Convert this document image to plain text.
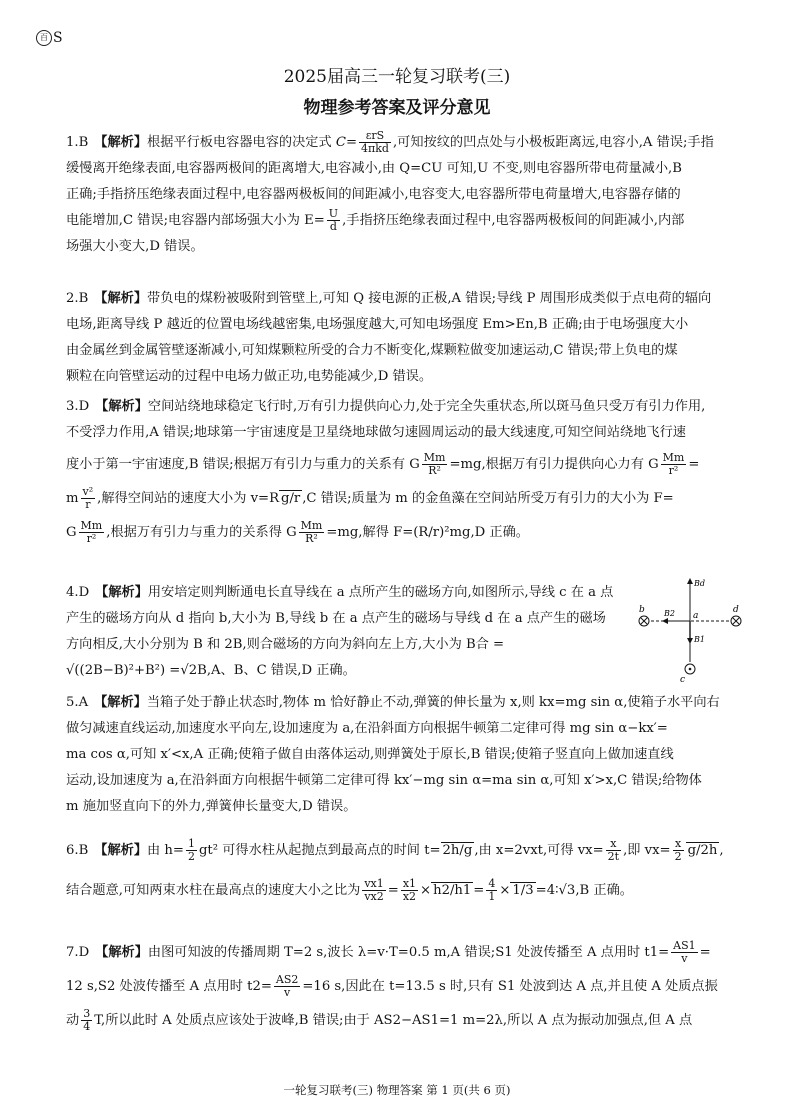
百 S
2025届高三一轮复习联考(三)
物理参考答案及评分意见

1.B 【解析】根据平行板电容器电容的决定式 $C= \frac{\text{εrS}}{\text{4πkd}}$ ,可知按纹的凹点处与小极板距离远,电容小,A 错误;手指

缓慢离开绝缘表面,电容器两极间的距离增大,电容减小,由 Q=CU 可知,U 不变,则电容器所带电荷量减小,B

正确;手指挤压绝缘表面过程中,电容器两极板间的间距减小,电容变大,电容器所带电荷量增大,电容器存储的

电能增加,C 错误;电容器内部场强大小为 $E= \frac{U}{d}$ ,手指挤压绝缘表面过程中,电容器两极板间的间距减小,内部

场强大小变大,D 错误。

2.B 【解析】带负电的煤粉被吸附到管壁上,可知 Q 接电源的正极,A 错误;导线 P 周围形成类似于点电荷的辐向

电场,距离导线 P 越近的位置电场线越密集,电场强度越大,可知电场强度 Em>En,B 正确;由于电场强度大小

由金属丝到金属管壁逐渐减小,可知煤颗粒所受的合力不断变化,煤颗粒做变加速运动,C 错误;带上负电的煤

颗粒在向管壁运动的过程中电场力做正功,电势能减少,D 错误。

3.D 【解析】空间站绕地球稳定飞行时,万有引力提供向心力,处于完全失重状态,所以斑马鱼只受万有引力作用,

不受浮力作用,A 错误;地球第一宇宙速度是卫星绕地球做匀速圆周运动的最大线速度,可知空间站绕地飞行速

度小于第一宇宙速度,B 错误;根据万有引力与重力的关系有 G $\frac{Mm}{\text{R²}} =mg$,根据万有引力提供向心力有 G $\frac{Mm}{\text{r²}}$ =

m $\frac{\text{v²}}{r}$ ,解得空间站的速度大小为 v=R g/r ,C 错误;质量为 m 的金鱼藻在空间站所受万有引力的大小为 F=

G $\frac{Mm}{\text{r²}}$ ,根据万有引力与重力的关系得 G $\frac{Mm}{\text{R²}} =mg$,解得 F=(R/r)²mg,D 正确。

4.D 【解析】用安培定则判断通电长直导线在 a 点所产生的磁场方向,如图所示,导线 c 在 a 点

产生的磁场方向从 d 指向 b,大小为 B,导线 b 在 a 点产生的磁场与导线 d 在 a 点产生的磁场

方向相反,大小分别为 B 和 2B,则合磁场的方向为斜向左上方,大小为 B合 =

√((2B−B)²+B²) =√2B,A、B、C 错误,D 正确。

b	d
a
c
Bd
B2
B1

5.A 【解析】当箱子处于静止状态时,物体 m 恰好静止不动,弹簧的伸长量为 x,则 kx=mg sin α,使箱子水平向右

做匀减速直线运动,加速度水平向左,设加速度为 a,在沿斜面方向根据牛顿第二定律可得 mg sin α−kx′=

ma cos α,可知 x′<x,A 正确;使箱子做自由落体运动,则弹簧处于原长,B 错误;使箱子竖直向上做加速直线

运动,设加速度为 a,在沿斜面方向根据牛顿第二定律可得 kx′−mg sin α=ma sin α,可知 x′>x,C 错误;给物体

m 施加竖直向下的外力,弹簧伸长量变大,D 错误。

6.B 【解析】由 $h= \frac{1}{2} gt^2$ 可得水柱从起抛点到最高点的时间 t= 2h/g ,由 x=2vxt,可得 $vx= \frac{x}{2t}$ ,即 $vx= \frac{x}{2} g/2h$ ,

结合题意,可知两束水柱在最高点的速度大小之比为 $\frac{vx1}{vx2} = \frac{x1}{x2} \times h2/h1 = \frac{4}{1} \times 1/3$ =4∶√3,B 正确。

7.D 【解析】由图可知波的传播周期 T=2 s,波长 λ=v·T=0.5 m,A 错误;S1 处波传播至 A 点用时 $t1= \frac{AS1}{v}$ =

12 s,S2 处波传播至 A 点用时 $t2= \frac{AS2}{v} =16$ s,因此在 t=13.5 s 时,只有 S1 处波到达 A 点,并且使 A 处质点振

动 $\frac{3}{4} T$,所以此时 A 处质点应该处于波峰,B 错误;由于 AS2−AS1=1 m=2λ,所以 A 点为振动加强点,但 A 点

一轮复习联考(三) 物理答案 第 1 页(共 6 页)
